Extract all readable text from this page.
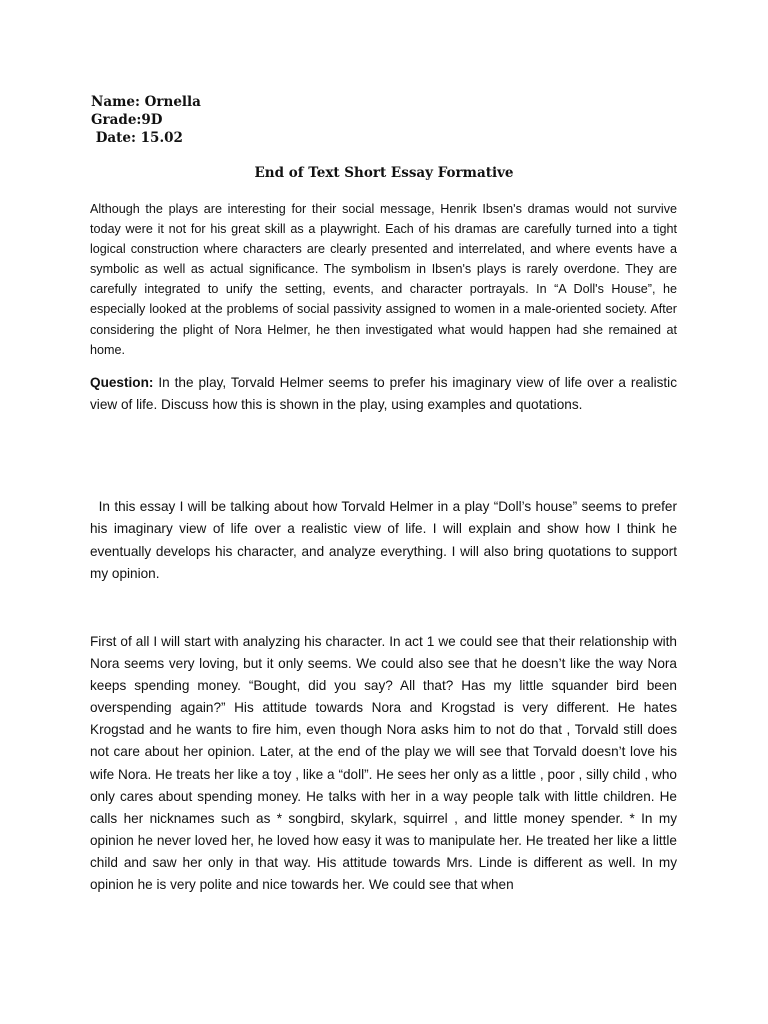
Name: Ornella
Grade:9D
Date: 15.02
End of Text Short Essay Formative

Although the plays are interesting for their social message, Henrik Ibsen's dramas would not survive today were it not for his great skill as a playwright. Each of his dramas are carefully turned into a tight logical construction where characters are clearly presented and interrelated, and where events have a symbolic as well as actual significance. The symbolism in Ibsen's plays is rarely overdone. They are carefully integrated to unify the setting, events, and character portrayals. In “A Doll's House”, he especially looked at the problems of social passivity assigned to women in a male-oriented society. After considering the plight of Nora Helmer, he then investigated what would happen had she remained at home.

Question: In the play, Torvald Helmer seems to prefer his imaginary view of life over a realistic view of life. Discuss how this is shown in the play, using examples and quotations.

In this essay I will be talking about how Torvald Helmer in a play “Doll’s house” seems to prefer his imaginary view of life over a realistic view of life. I will explain and show how I think he eventually develops his character, and analyze everything. I will also bring quotations to support my opinion.

First of all I will start with analyzing his character. In act 1 we could see that their relationship with Nora seems very loving, but it only seems. We could also see that he doesn’t like the way Nora keeps spending money. “Bought, did you say? All that? Has my little squander bird been overspending again?” His attitude towards Nora and Krogstad is very different. He hates Krogstad and he wants to fire him, even though Nora asks him to not do that , Torvald still does not care about her opinion. Later, at the end of the play we will see that Torvald doesn’t love his wife Nora. He treats her like a toy , like a “doll”. He sees her only as a little , poor , silly child , who only cares about spending money. He talks with her in a way people talk with little children. He calls her nicknames such as * songbird, skylark, squirrel , and little money spender. * In my opinion he never loved her, he loved how easy it was to manipulate her. He treated her like a little child and saw her only in that way. His attitude towards Mrs. Linde is different as well. In my opinion he is very polite and nice towards her. We could see that when
